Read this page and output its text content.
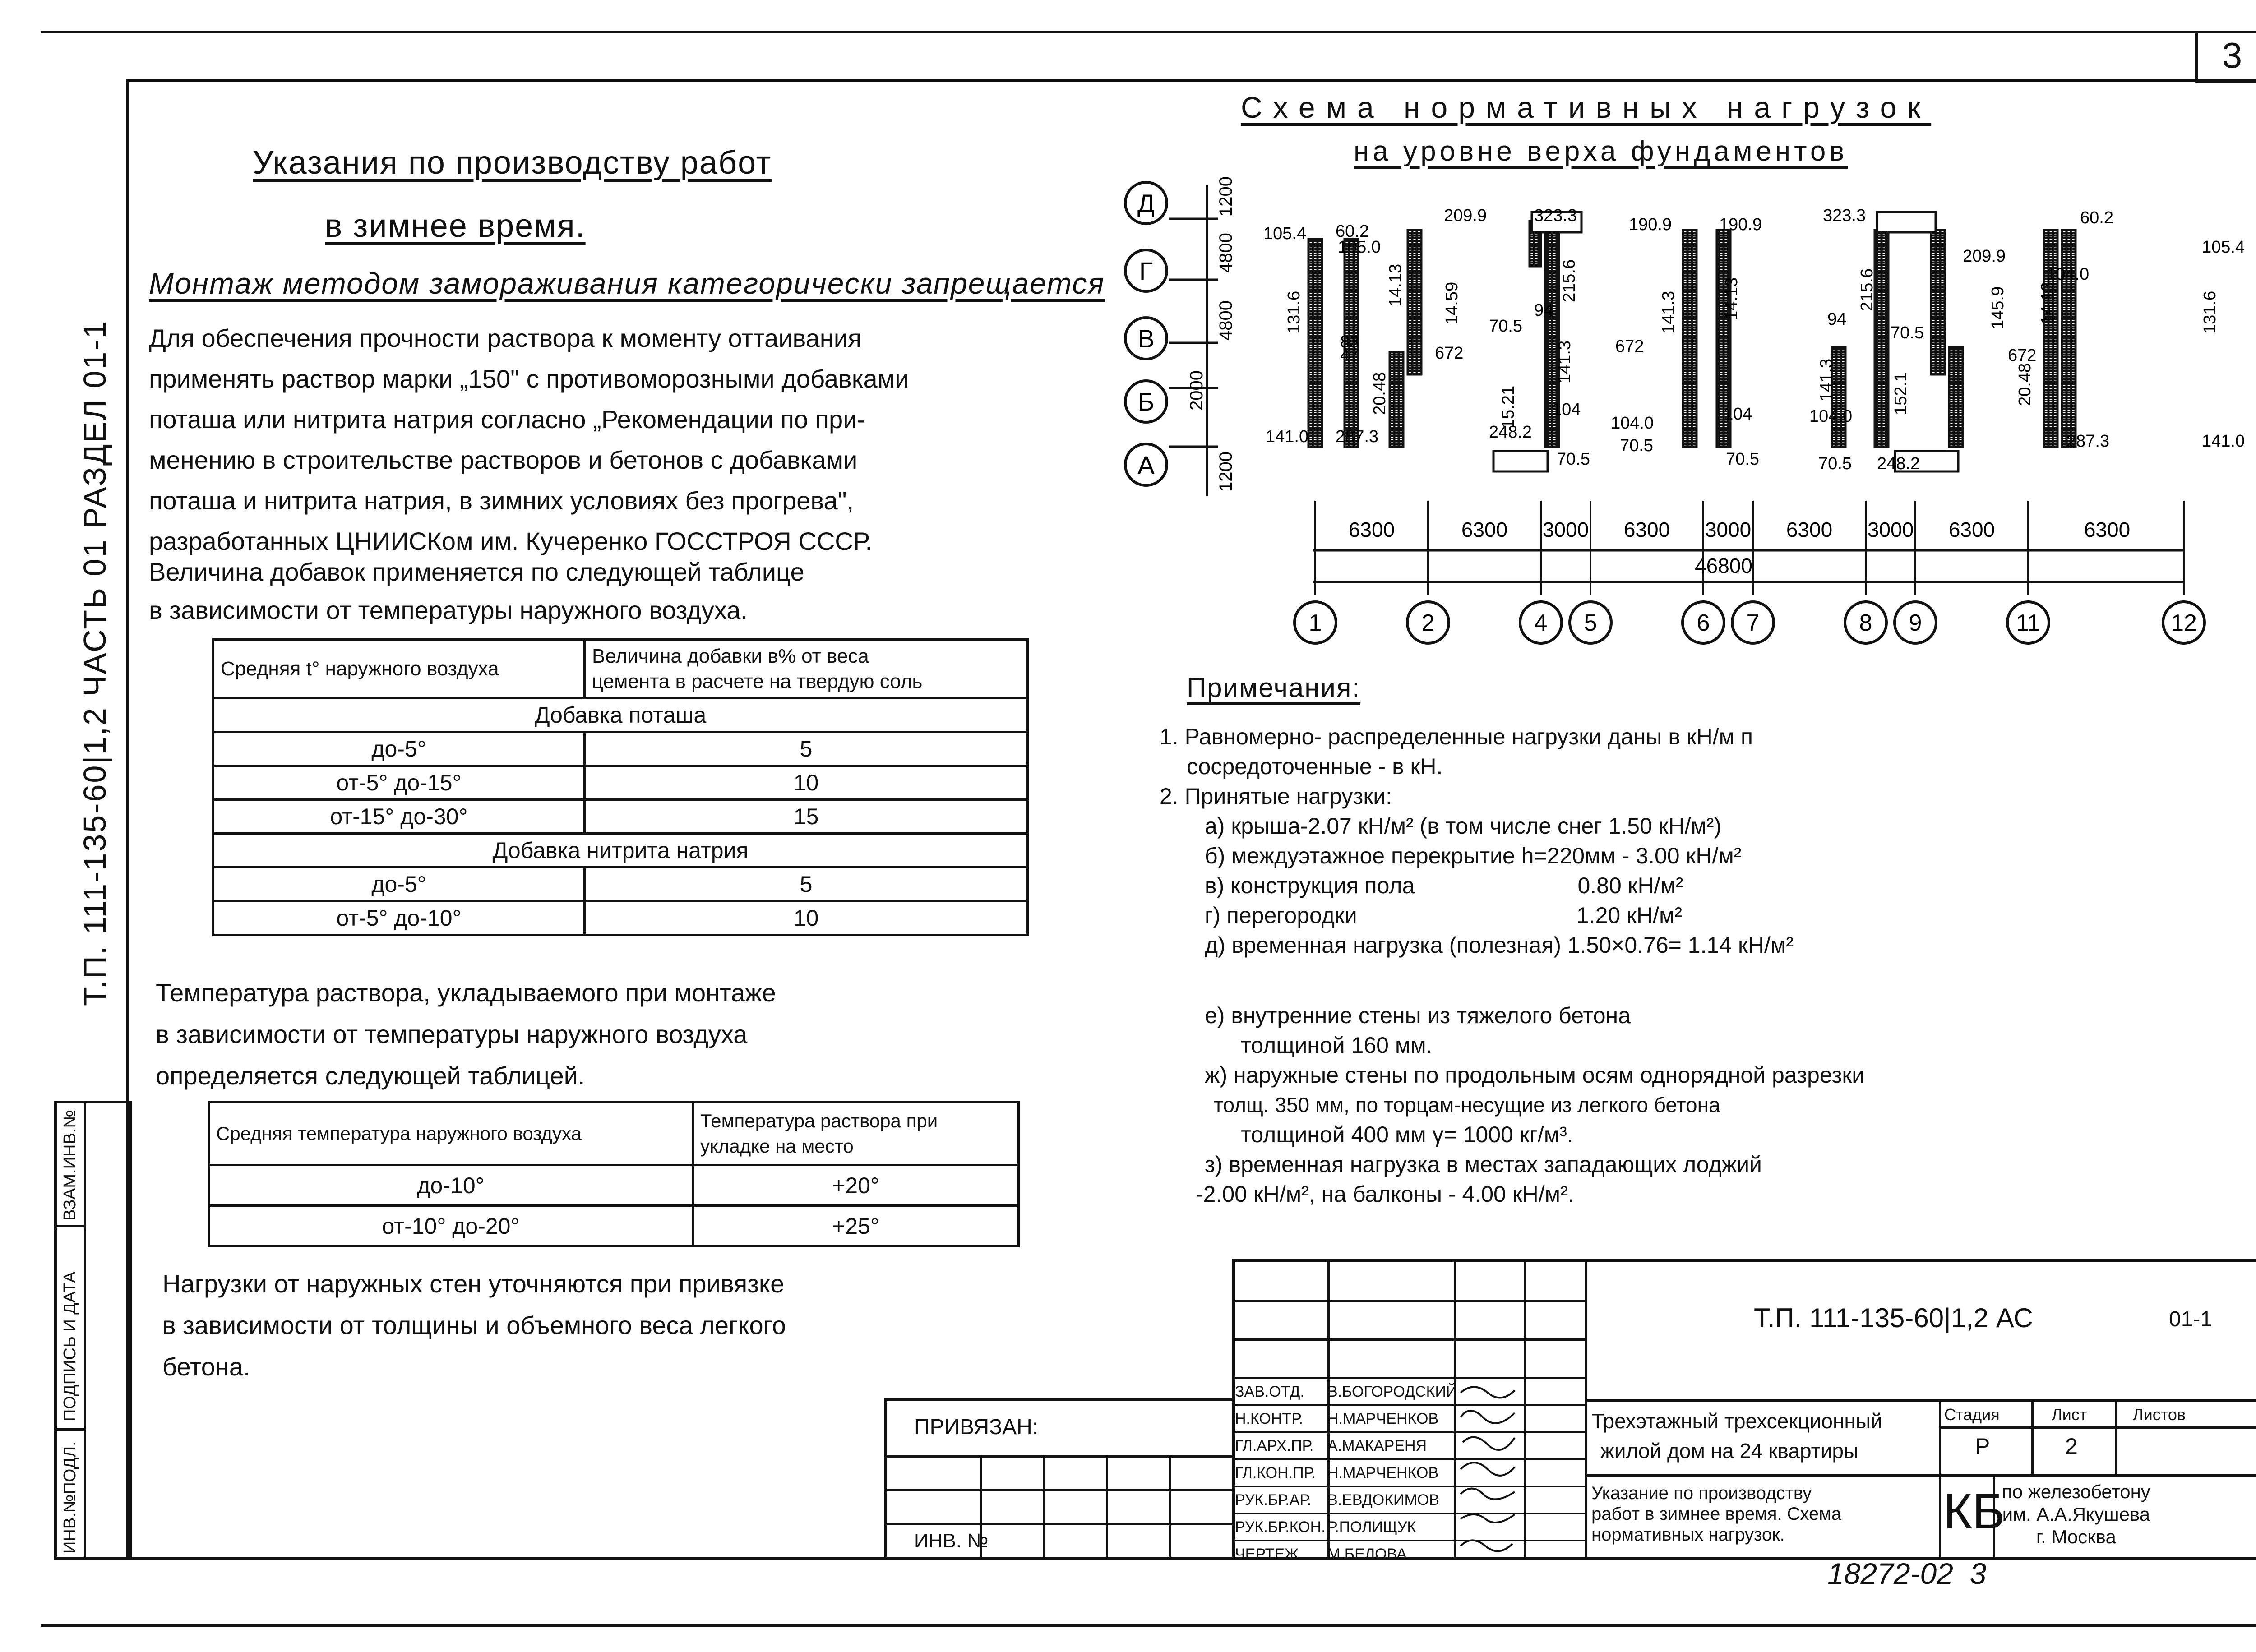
3
Т.П. 111-135-60|1,2 ЧАСТЬ 01 РАЗДЕЛ 01-1
ИНВ.№ПОДЛ.
ПОДПИСЬ И ДАТА
ВЗАМ.ИНВ.№
Указания по производству работ
в зимнее время.
Монтаж методом замораживания категорически запрещается
Для обеспечения прочности раствора к моменту оттаивания
применять раствор марки „150" с противоморозными добавками
поташа или нитрита натрия согласно „Рекомендации по при-
менению в строительстве растворов и бетонов с добавками
поташа и нитрита натрия, в зимних условиях без прогрева",
разработанных ЦНИИСКом им. Кучеренко ГОССТРОЯ СССР.
Величина добавок применяется по следующей таблице
в зависимости от температуры наружного воздуха.
Средняя t° наружного воздуха	Величина добавки в% от веса
цемента в расчете на твердую соль

Добавка поташа	
до-5°	5
от-5° до-15°	10
от-15° до-30°	15
Добавка нитрита натрия	
до-5°	5
от-5° до-10°	10
Температура раствора, укладываемого при монтаже
в зависимости от температуры наружного воздуха
определяется следующей таблицей.
Средняя температура наружного воздуха	Температура раствора при
укладке на место

до-10°	+20°
от-10° до-20°	+25°
Нагрузки от наружных стен уточняются при привязке
в зависимости от толщины и объемного веса легкого
бетона.
Схема нормативных нагрузок
на уровне верха фундаментов
Д
Г
В
Б
А
1200
4800
4800
2000
1200
105.4 60.2
105.0
209.9	323.3	190.9	190.9	323.3
209.9
60.2
105.4
131.6
141.0 287.3
83
47
20.48
14.13
672
14.59
70.5
15.21
248.2
94
215.6
141.3
104
70.5
672
141.3
104.0
70.5
14.13
104
70.5
215.6
94
141.3
104.0
70.5
70.5
152.1
248.2
145.9
672
20.48
14.13
104.0
287.3
131.6
141.0
6300	6300 3000 6300 3000 6300 3000 6300	6300
46800
1	2	4 5	6 7	8 9	11	12
Примечания:
1. Равномерно- распределенные нагрузки даны в кН/м п
сосредоточенные - в кН.
2. Принятые нагрузки:
а) крыша-2.07 кН/м² (в том числе снег 1.50 кН/м²)
б) междуэтажное перекрытие h=220мм - 3.00 кН/м²
в) конструкция пола                          0.80 кН/м²
г) перегородки                                   1.20 кН/м²
д) временная нагрузка (полезная) 1.50×0.76= 1.14 кН/м²
е) внутренние стены из тяжелого бетона
толщиной 160 мм.
ж) наружные стены по продольным осям однорядной разрезки
толщ. 350 мм, по торцам-несущие из легкого бетона
толщиной 400 мм γ= 1000 кг/м³.
з) временная нагрузка в местах западающих лоджий
-2.00 кН/м², на балконы - 4.00 кН/м².
ЗАВ.ОТД.	В.БОГОРОДСКИЙ
Н.КОНТР.	Н.МАРЧЕНКОВ
ГЛ.АРХ.ПР. А.МАКАРЕНЯ
ГЛ.КОН.ПР. Н.МАРЧЕНКОВ
РУК.БР.АР.	В.ЕВДОКИМОВ
РУК.БР.КОН. Р.ПОЛИЩУК
ЧЕРТЕЖ.	М.БЕЛОВА
Т.П. 111-135-60|1,2 АС	01-1
Трехэтажный трехсекционный
жилой дом на 24 квартиры
Стадия	Лист	Листов
Р	2
Указание по производству
работ в зимнее время. Схема
нормативных нагрузок.	КБ
по железобетону
им. А.А.Якушева
г. Москва
ПРИВЯЗАН:
ИНВ. №
18272-02  3
